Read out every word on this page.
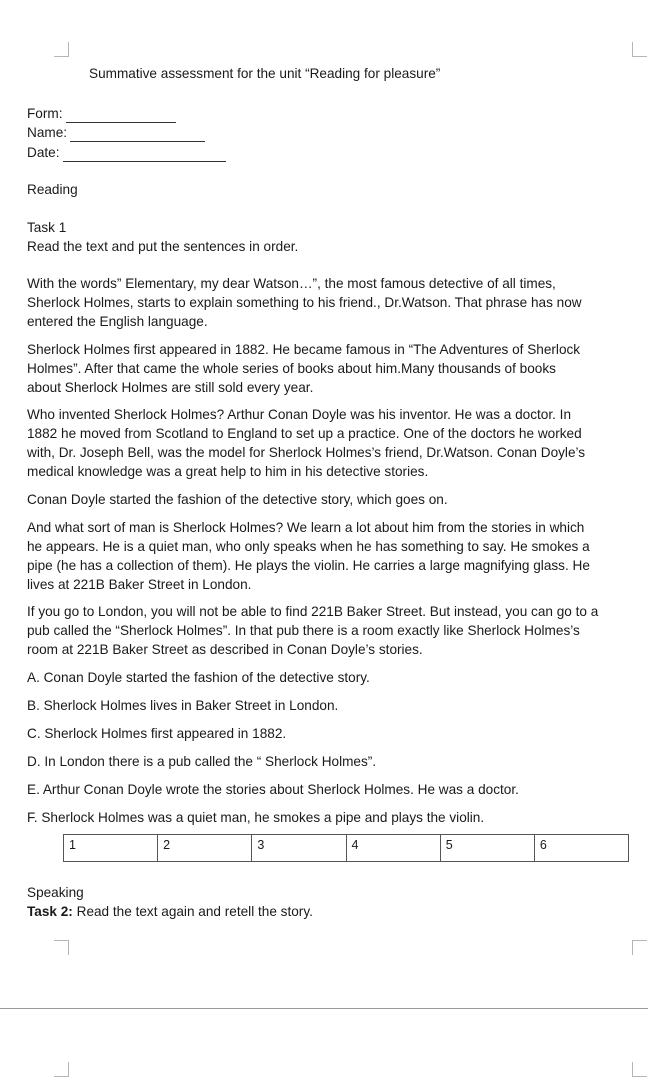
Summative assessment for the unit “Reading for pleasure”
Form:
Name:
Date:
Reading
Task 1
Read the text and put the sentences in order.
With the words” Elementary, my dear Watson…”, the most famous detective of all times,
Sherlock Holmes, starts to explain something to his friend., Dr.Watson. That phrase has now
entered the English language.
Sherlock Holmes first appeared in 1882. He became famous in “The Adventures of Sherlock
Holmes”. After that came the whole series of books about him.Many thousands of books
about Sherlock Holmes are still sold every year.
Who invented Sherlock Holmes? Arthur Conan Doyle was his inventor. He was a doctor. In
1882 he moved from Scotland to England to set up a practice. One of the doctors he worked
with, Dr. Joseph Bell, was the model for Sherlock Holmes’s friend, Dr.Watson. Conan Doyle’s
medical knowledge was a great help to him in his detective stories.
Conan Doyle started the fashion of the detective story, which goes on.
And what sort of man is Sherlock Holmes? We learn a lot about him from the stories in which
he appears. He is a quiet man, who only speaks when he has something to say. He smokes a
pipe (he has a collection of them). He plays the violin. He carries a large magnifying glass. He
lives at 221B Baker Street in London.
If you go to London, you will not be able to find 221B Baker Street. But instead, you can go to a
pub called the “Sherlock Holmes”. In that pub there is a room exactly like Sherlock Holmes’s
room at 221B Baker Street as described in Conan Doyle’s stories.
A. Conan Doyle started the fashion of the detective story.
B. Sherlock Holmes lives in Baker Street in London.
C. Sherlock Holmes first appeared in 1882.
D. In London there is a pub called the “ Sherlock Holmes”.
E. Arthur Conan Doyle wrote the stories about Sherlock Holmes. He was a doctor.
F. Sherlock Holmes was a quiet man, he smokes a pipe and plays the violin.
1	2	3	4	5	6
Speaking
Task 2: Read the text again and retell the story.
